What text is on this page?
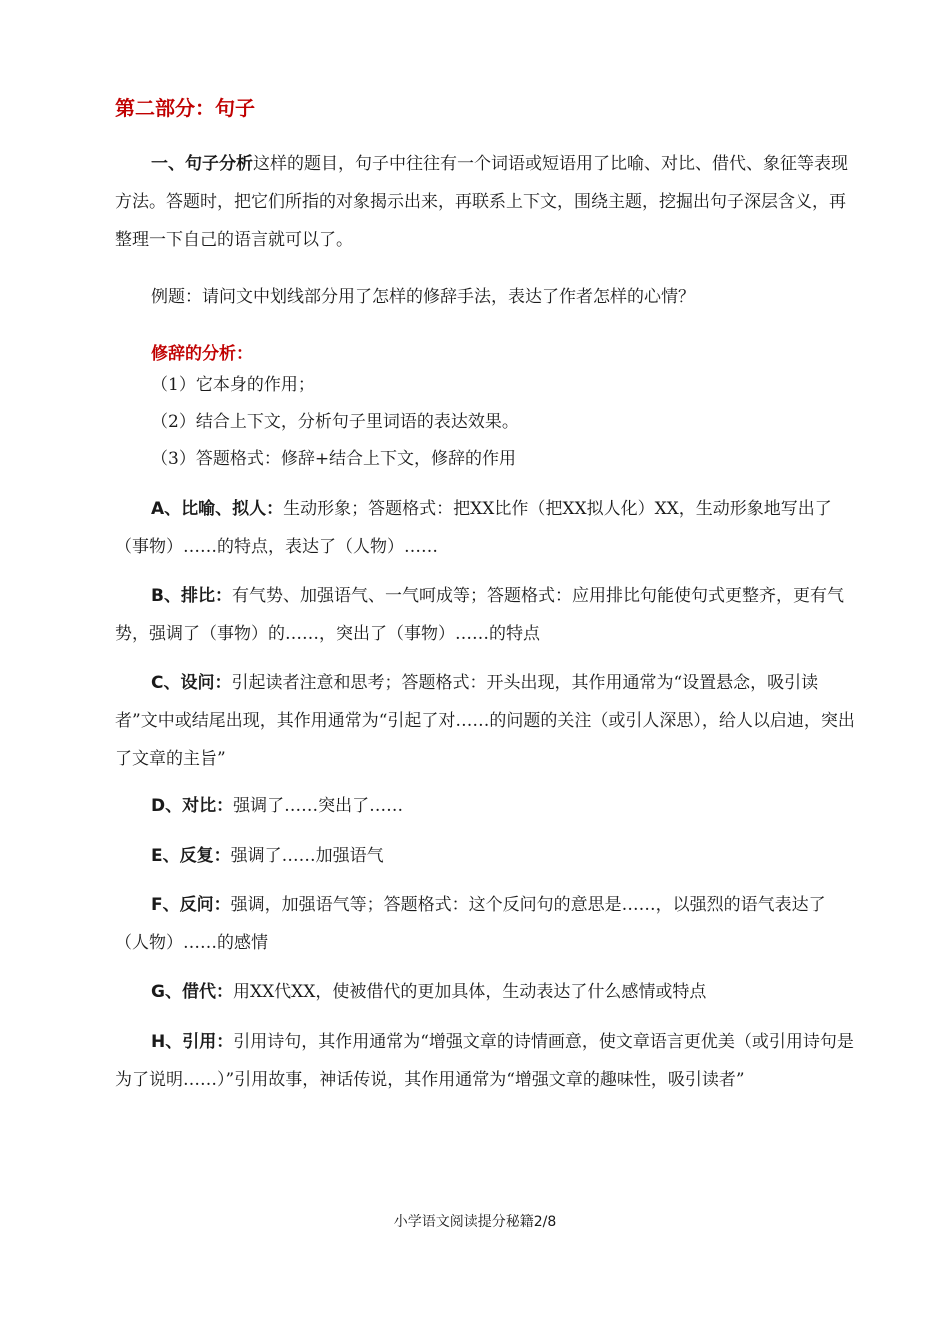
第二部分：句子

一、句子分析这样的题目，句子中往往有一个词语或短语用了比喻、对比、借代、象征等表现方法。答题时，把它们所指的对象揭示出来，再联系上下文，围绕主题，挖掘出句子深层含义，再整理一下自己的语言就可以了。

例题：请问文中划线部分用了怎样的修辞手法，表达了作者怎样的心情？

修辞的分析：

（1）它本身的作用；

（2）结合上下文，分析句子里词语的表达效果。

（3）答题格式：修辞+结合上下文，修辞的作用

A、比喻、拟人：生动形象；答题格式：把XX比作（把XX拟人化）XX，生动形象地写出了（事物）……的特点，表达了（人物）……

B、排比：有气势、加强语气、一气呵成等；答题格式：应用排比句能使句式更整齐，更有气势，强调了（事物）的……，突出了（事物）……的特点

C、设问：引起读者注意和思考；答题格式：开头出现，其作用通常为“设置悬念，吸引读者”文中或结尾出现，其作用通常为“引起了对……的问题的关注（或引人深思），给人以启迪，突出了文章的主旨”

D、对比：强调了……突出了……

E、反复：强调了……加强语气

F、反问：强调，加强语气等；答题格式：这个反问句的意思是……，以强烈的语气表达了（人物）……的感情

G、借代：用XX代XX，使被借代的更加具体，生动表达了什么感情或特点

H、引用：引用诗句，其作用通常为“增强文章的诗情画意，使文章语言更优美（或引用诗句是为了说明……）”引用故事，神话传说，其作用通常为“增强文章的趣味性，吸引读者”

小学语文阅读提分秘籍2/8
